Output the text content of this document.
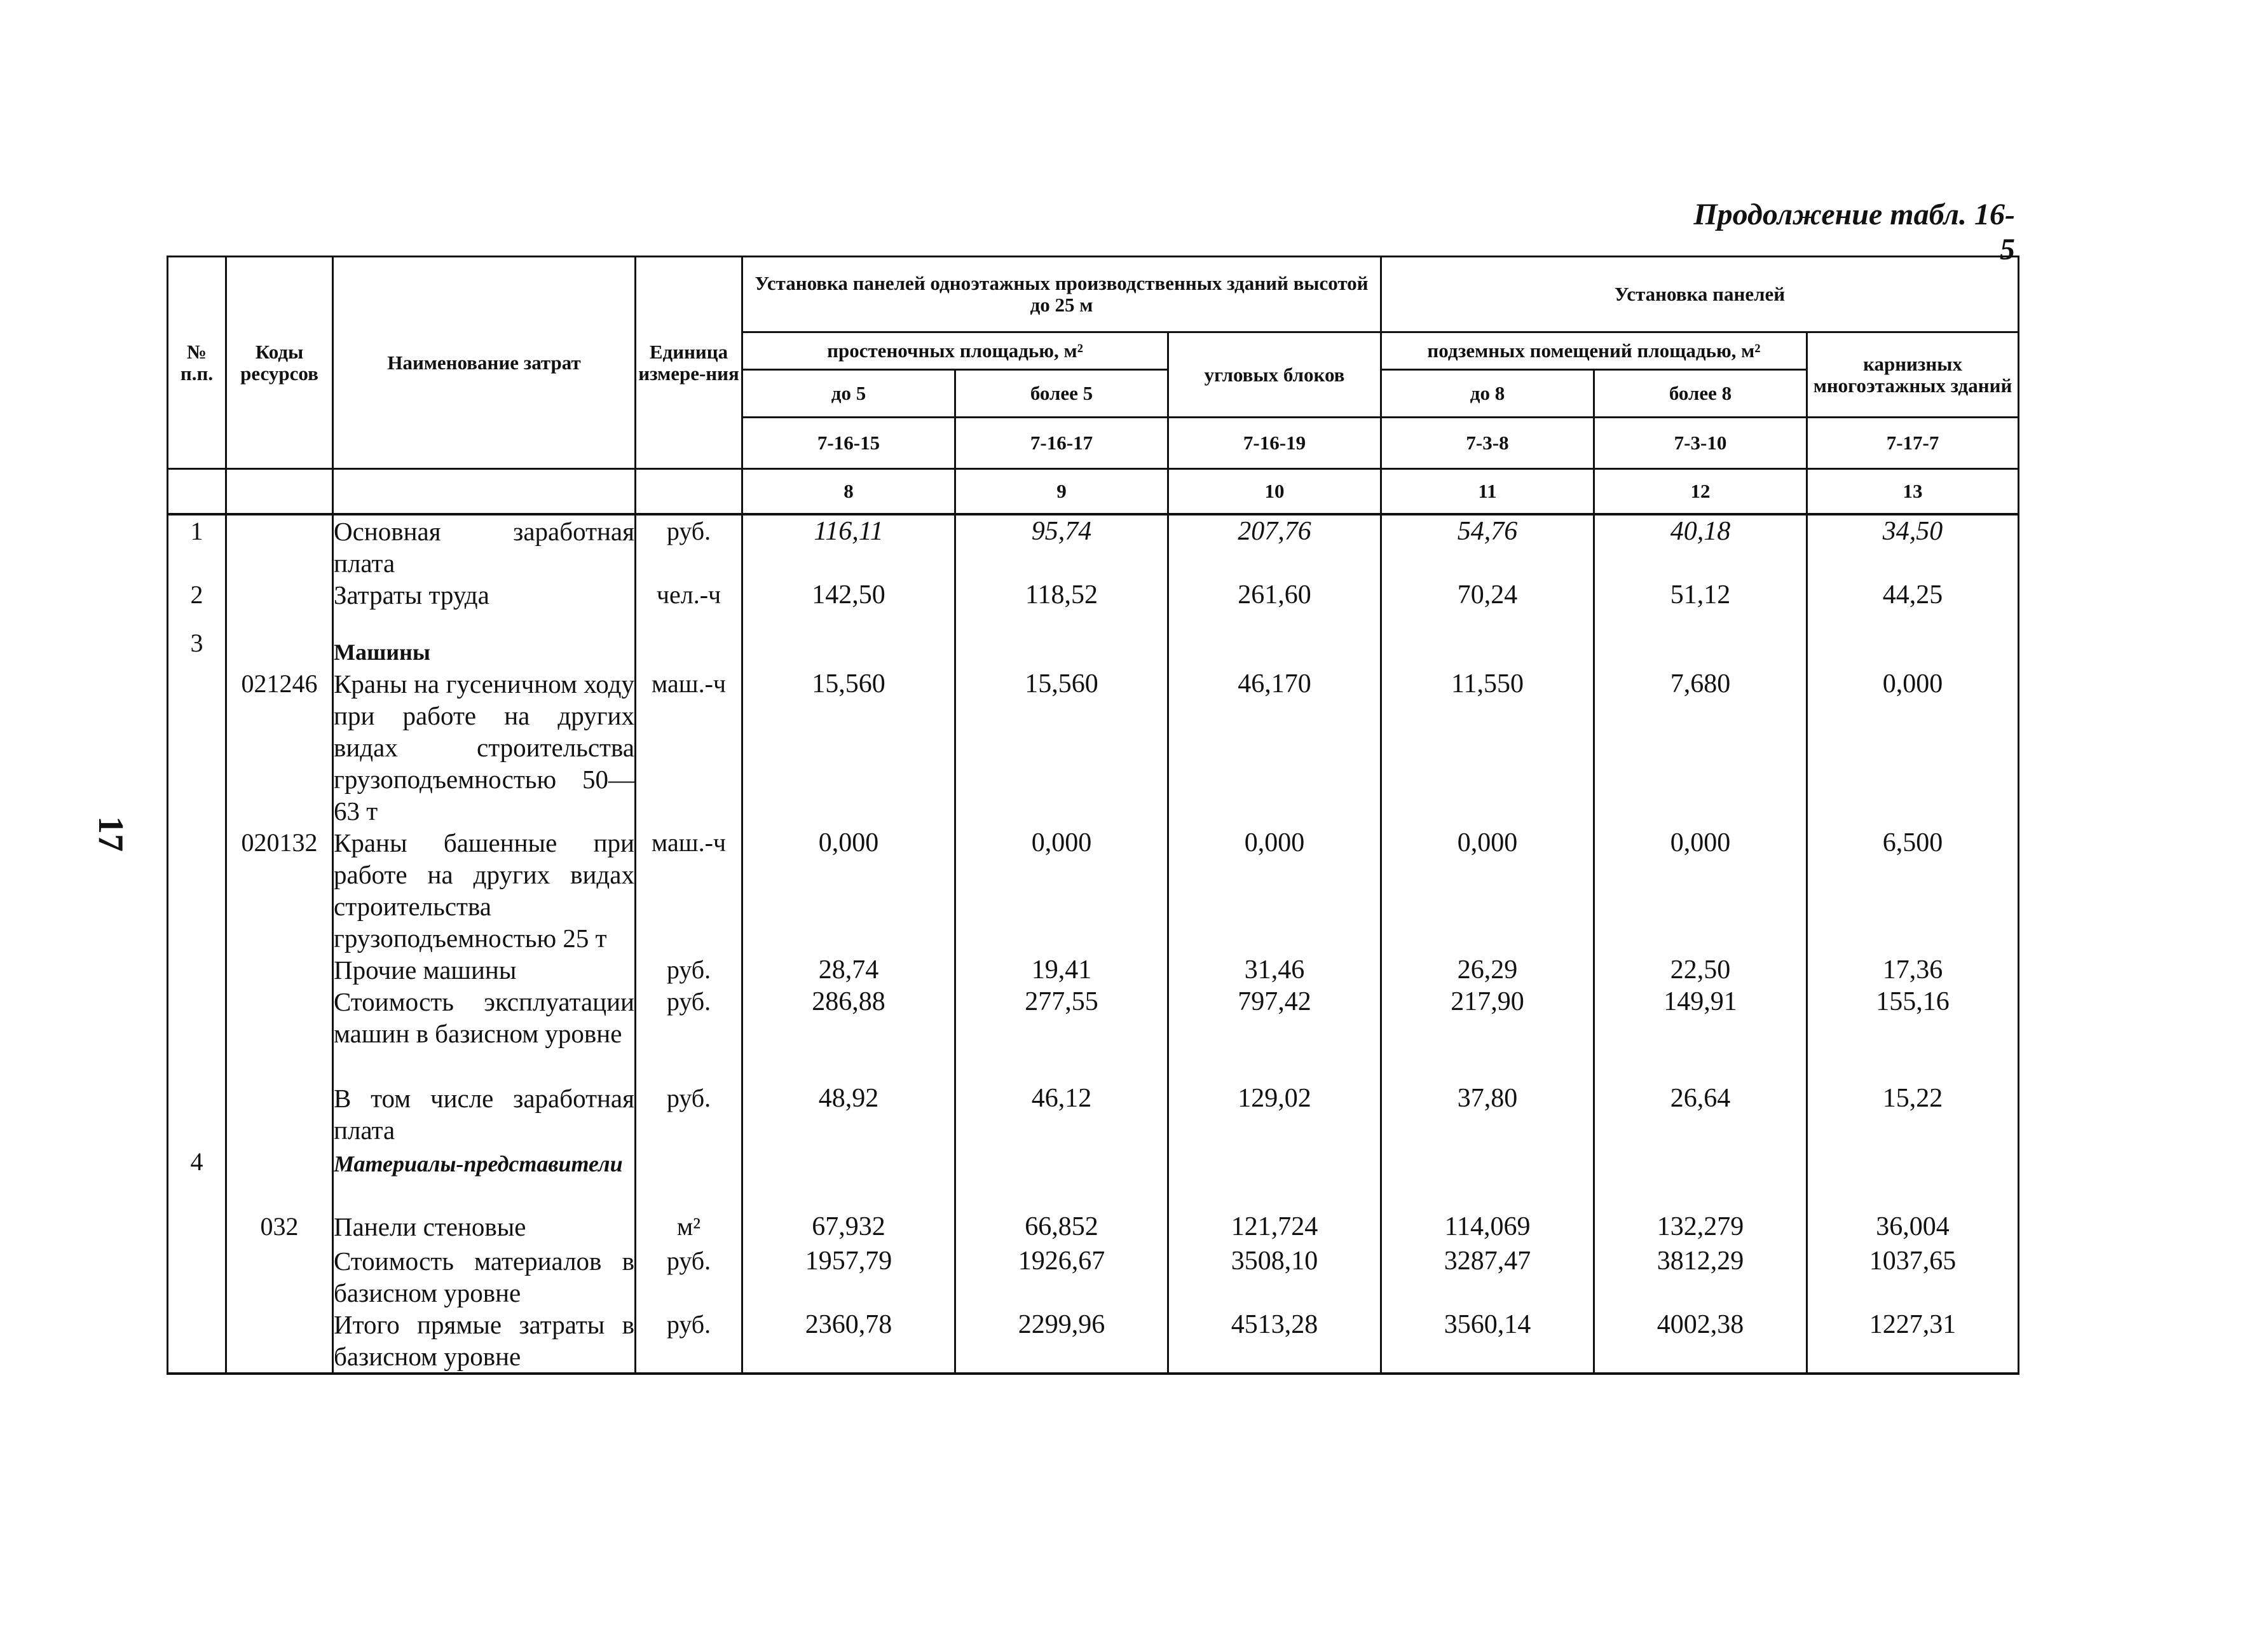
Продолжение табл. 16-5
17
№ п.п.	Коды ресурсов	Наименование затрат	Единица измере-ния	Установка панелей одноэтажных производственных зданий высотой до 25 м			Установка панелей		
				простеночных площадью, м²		угловых блоков	подземных помещений площадью, м²		карнизных многоэтажных зданий
				до 5	более 5		до 8	более 8	
				7-16-15	7-16-17	7-16-19	7-3-8	7-3-10	7-17-7
				8	9	10	11	12	13
1		Основная заработная плата	руб.	116,11	95,74	207,76	54,76	40,18	34,50
2		Затраты труда	чел.-ч	142,50	118,52	261,60	70,24	51,12	44,25
3		Машины							
	021246	Краны на гусеничном ходу при работе на других видах строительства грузоподъемностью 50—63 т	маш.-ч	15,560	15,560	46,170	11,550	7,680	0,000
	020132	Краны башенные при работе на других видах строительства грузоподъемностью 25 т	маш.-ч	0,000	0,000	0,000	0,000	0,000	6,500
		Прочие машины	руб.	28,74	19,41	31,46	26,29	22,50	17,36
		Стоимость эксплуатации машин в базисном уровне	руб.	286,88	277,55	797,42	217,90	149,91	155,16
		В том числе заработная плата	руб.	48,92	46,12	129,02	37,80	26,64	15,22
4		Материалы-представители							
	032	Панели стеновые	м²	67,932	66,852	121,724	114,069	132,279	36,004
		Стоимость материалов в базисном уровне	руб.	1957,79	1926,67	3508,10	3287,47	3812,29	1037,65
		Итого прямые затраты в базисном уровне	руб.	2360,78	2299,96	4513,28	3560,14	4002,38	1227,31
